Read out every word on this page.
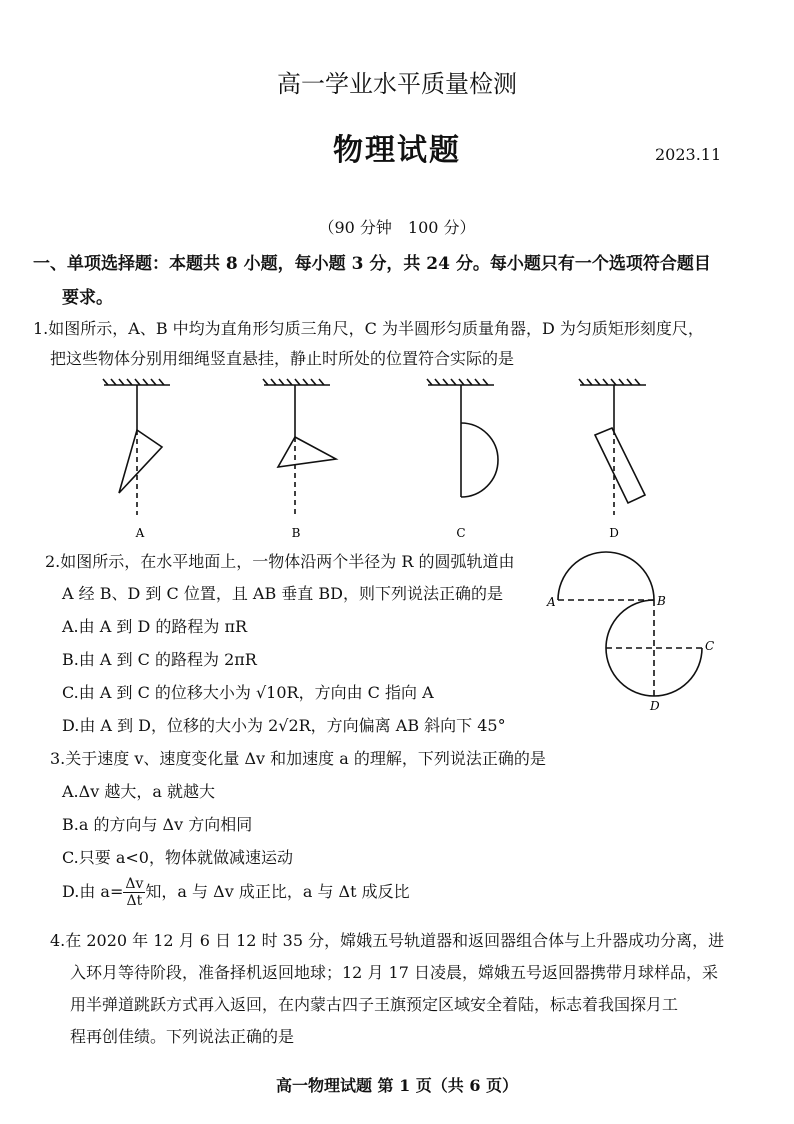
高一学业水平质量检测
物理试题	2023.11
（90 分钟　100 分）
一、单项选择题：本题共 8 小题，每小题 3 分，共 24 分。每小题只有一个选项符合题目
要求。
1.如图所示，A、B 中均为直角形匀质三角尺，C 为半圆形匀质量角器，D 为匀质矩形刻度尺，
把这些物体分别用细绳竖直悬挂，静止时所处的位置符合实际的是
A	B	C	D
2.如图所示，在水平地面上，一物体沿两个半径为 R 的圆弧轨道由
A 经 B、D 到 C 位置，且 AB 垂直 BD，则下列说法正确的是
A.由 A 到 D 的路程为 πR
B.由 A 到 C 的路程为 2πR
C.由 A 到 C 的位移大小为 √10R，方向由 C 指向 A
D.由 A 到 D，位移的大小为 2√2R，方向偏离 AB 斜向下 45°
A	B
C
D
3.关于速度 v、速度变化量 Δv 和加速度 a 的理解，下列说法正确的是
A.Δv 越大，a 就越大
B.a 的方向与 Δv 方向相同
C.只要 a<0，物体就做减速运动
D.由 $a= \frac{\Delta v}{\Delta t}$ 知，a 与 Δv 成正比，a 与 Δt 成反比
4.在 2020 年 12 月 6 日 12 时 35 分，嫦娥五号轨道器和返回器组合体与上升器成功分离，进
入环月等待阶段，准备择机返回地球；12 月 17 日凌晨，嫦娥五号返回器携带月球样品，采
用半弹道跳跃方式再入返回，在内蒙古四子王旗预定区域安全着陆，标志着我国探月工
程再创佳绩。下列说法正确的是
高一物理试题 第 1 页（共 6 页）
